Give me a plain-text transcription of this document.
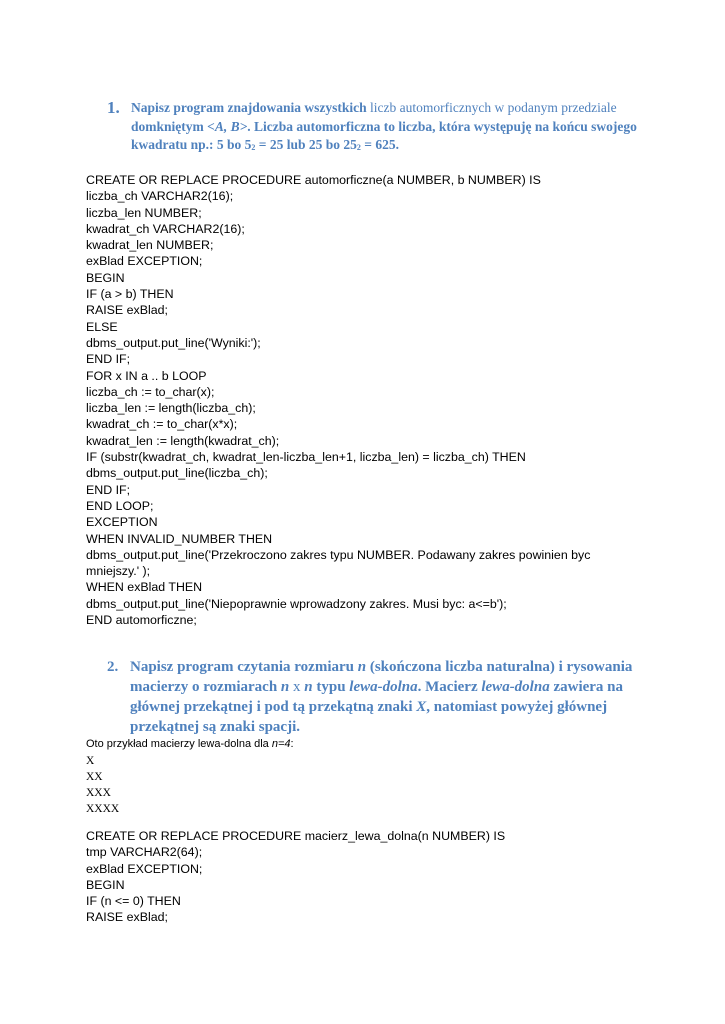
1. Napisz program znajdowania wszystkich liczb automorficznych w podanym przedziale domkniętym <A, B>. Liczba automorficzna to liczba, która występuję na końcu swojego kwadratu np.: 5 bo 52 = 25 lub 25 bo 252 = 625.
CREATE OR REPLACE PROCEDURE automorficzne(a NUMBER, b NUMBER) IS
liczba_ch VARCHAR2(16);
liczba_len NUMBER;
kwadrat_ch VARCHAR2(16);
kwadrat_len NUMBER;
exBlad EXCEPTION;
BEGIN
IF (a > b) THEN
RAISE exBlad;
ELSE
dbms_output.put_line('Wyniki:');
END IF;
FOR x IN a .. b LOOP
liczba_ch := to_char(x);
liczba_len := length(liczba_ch);
kwadrat_ch := to_char(x*x);
kwadrat_len := length(kwadrat_ch);
IF (substr(kwadrat_ch, kwadrat_len-liczba_len+1, liczba_len) = liczba_ch) THEN
dbms_output.put_line(liczba_ch);
END IF;
END LOOP;
EXCEPTION
WHEN INVALID_NUMBER THEN
dbms_output.put_line('Przekroczono zakres typu NUMBER. Podawany zakres powinien byc
mniejszy.' );
WHEN exBlad THEN
dbms_output.put_line('Niepoprawnie wprowadzony zakres. Musi byc: a<=b');
END automorficzne;
2. Napisz program czytania rozmiaru n (skończona liczba naturalna) i rysowania macierzy o rozmiarach n x n typu lewa-dolna. Macierz lewa-dolna zawiera na głównej przekątnej i pod tą przekątną znaki X, natomiast powyżej głównej przekątnej są znaki spacji.
Oto przykład macierzy lewa-dolna dla n=4:
X
XX
XXX
XXXX
CREATE OR REPLACE PROCEDURE macierz_lewa_dolna(n NUMBER) IS
tmp VARCHAR2(64);
exBlad EXCEPTION;
BEGIN
IF (n <= 0) THEN
RAISE exBlad;
